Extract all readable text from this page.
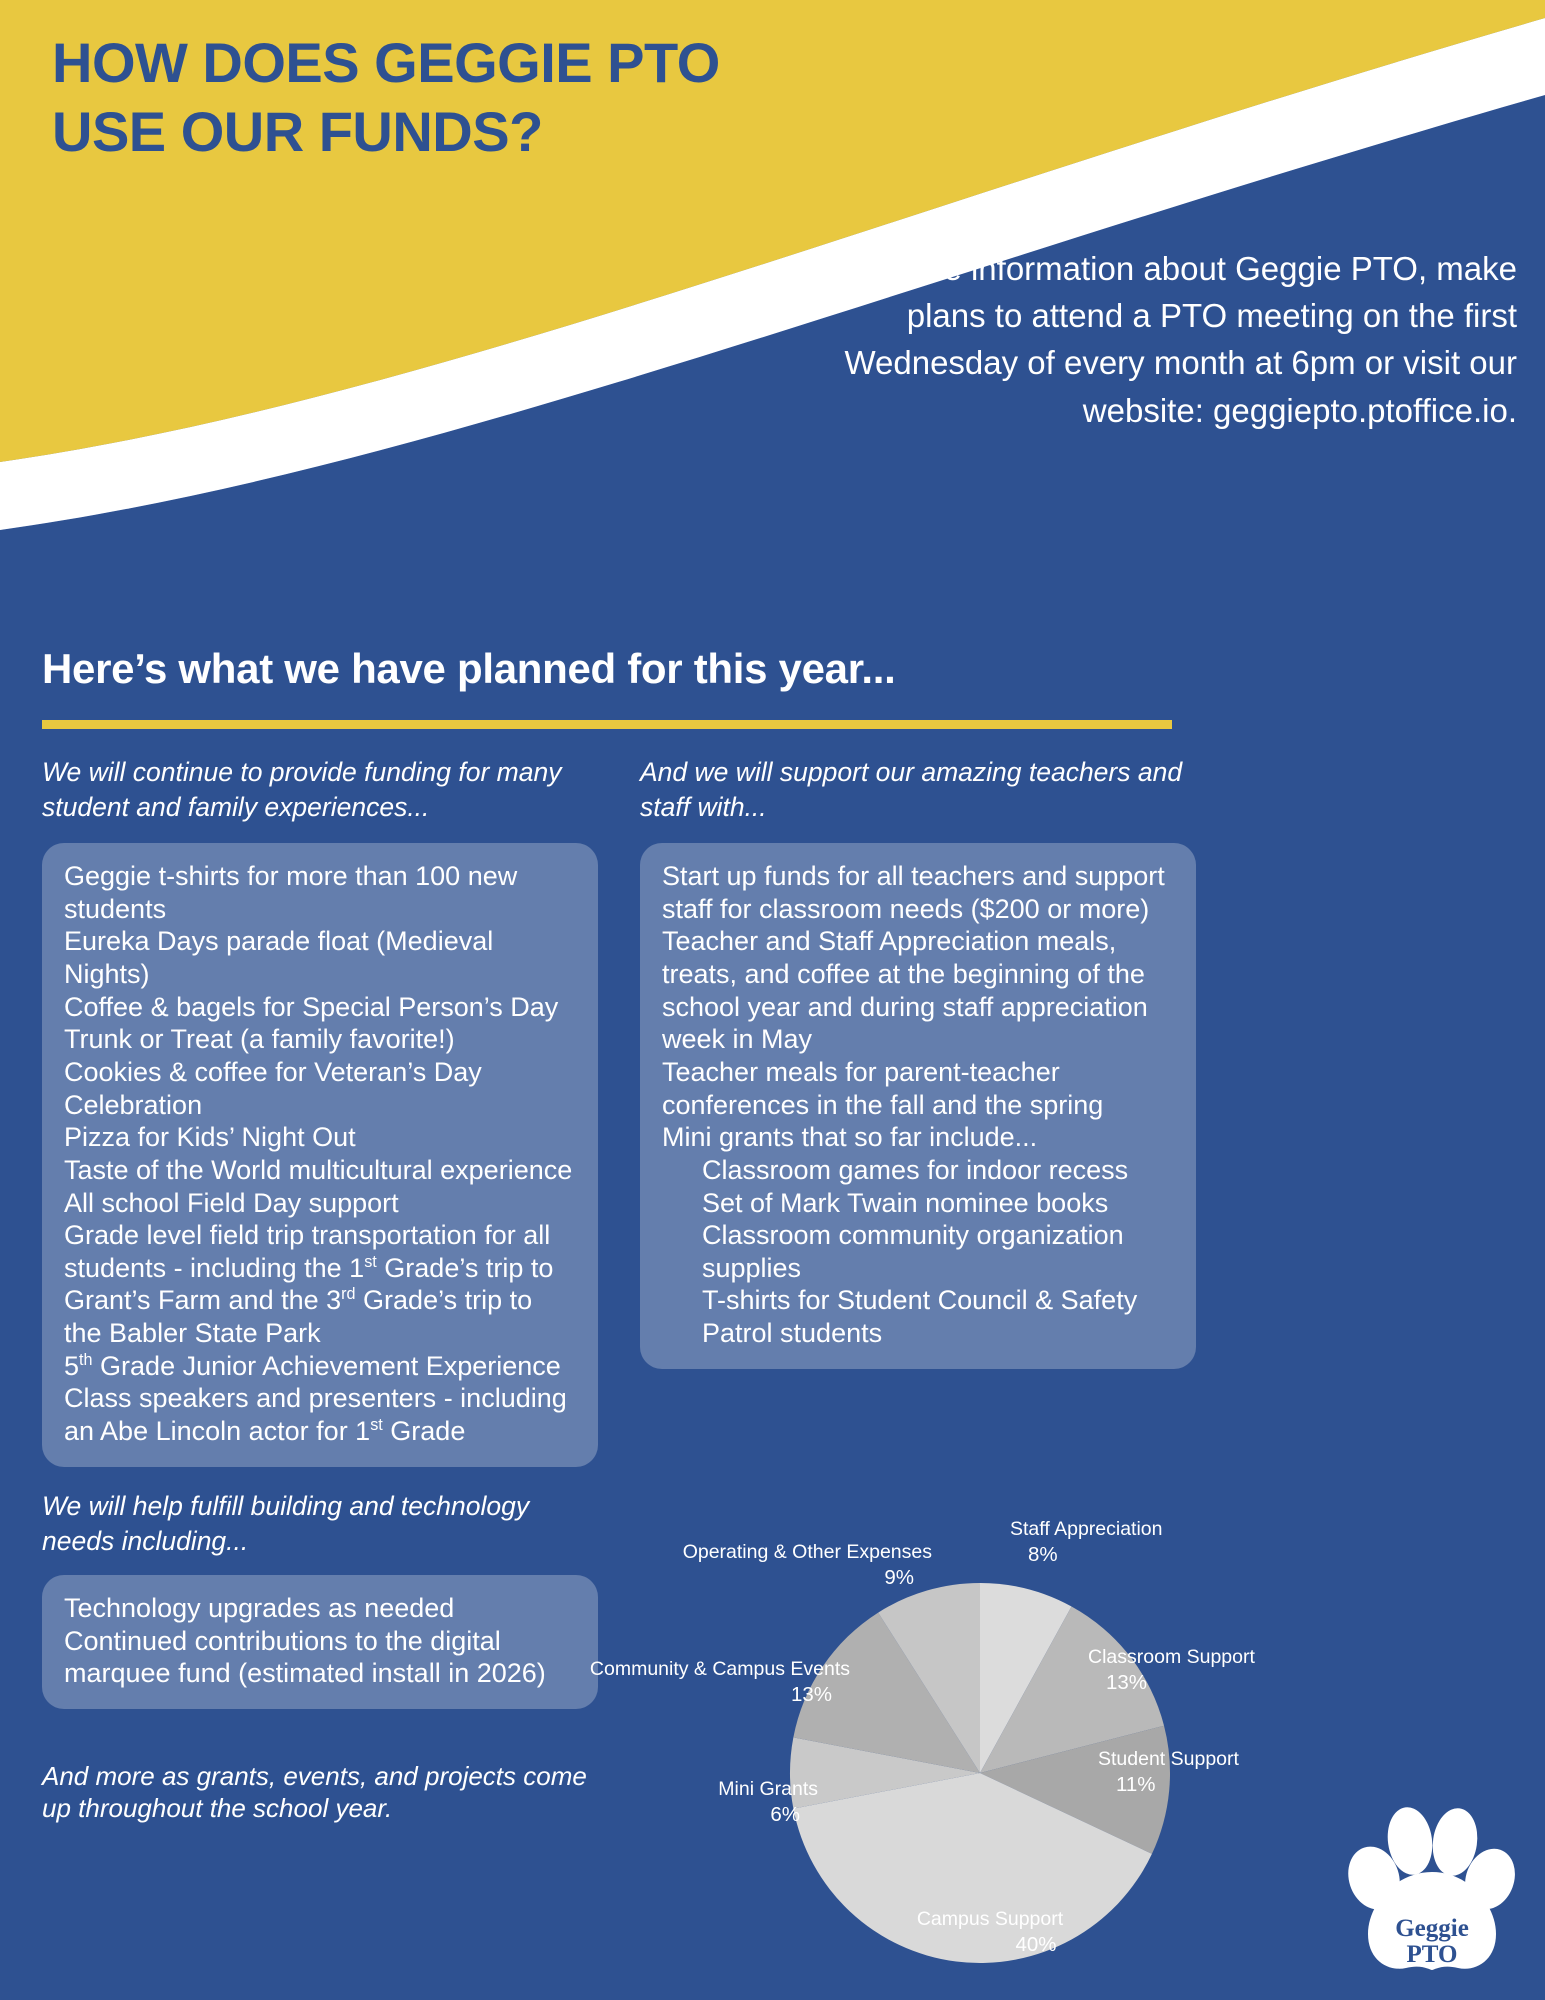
HOW DOES GEGGIE PTO USE OUR FUNDS?

For more information about Geggie PTO, make plans to attend a PTO meeting on the first Wednesday of every month at 6pm or visit our website: geggiepto.ptoffice.io.

Here’s what we have planned for this year...
We will continue to provide funding for many student and family experiences...
Geggie t-shirts for more than 100 new students
Eureka Days parade float (Medieval Nights)
Coffee & bagels for Special Person’s Day
Trunk or Treat (a family favorite!)
Cookies & coffee for Veteran’s Day Celebration
Pizza for Kids’ Night Out
Taste of the World multicultural experience
All school Field Day support
Grade level field trip transportation for all students - including the 1st Grade’s trip to Grant’s Farm and the 3rd Grade’s trip to the Babler State Park
5th Grade Junior Achievement Experience
Class speakers and presenters - including an Abe Lincoln actor for 1st Grade
And we will support our amazing teachers and staff with...
Start up funds for all teachers and support staff for classroom needs ($200 or more)
Teacher and Staff Appreciation meals, treats, and coffee at the beginning of the school year and during staff appreciation week in May
Teacher meals for parent-teacher conferences in the fall and the spring
Mini grants that so far include...
Classroom games for indoor recess
Set of Mark Twain nominee books
Classroom community organization supplies
T-shirts for Student Council & Safety Patrol students
We will help fulfill building and technology needs including...
Technology upgrades as needed
Continued contributions to the digital marquee fund (estimated install in 2026)
And more as grants, events, and projects come up throughout the school year.
Staff Appreciation
8%
Classroom Support
13%
Student Support
11%
Campus Support
40%
Mini Grants
6%
Community & Campus Events
13%
Operating & Other Expenses
9%
Geggie
PTO
